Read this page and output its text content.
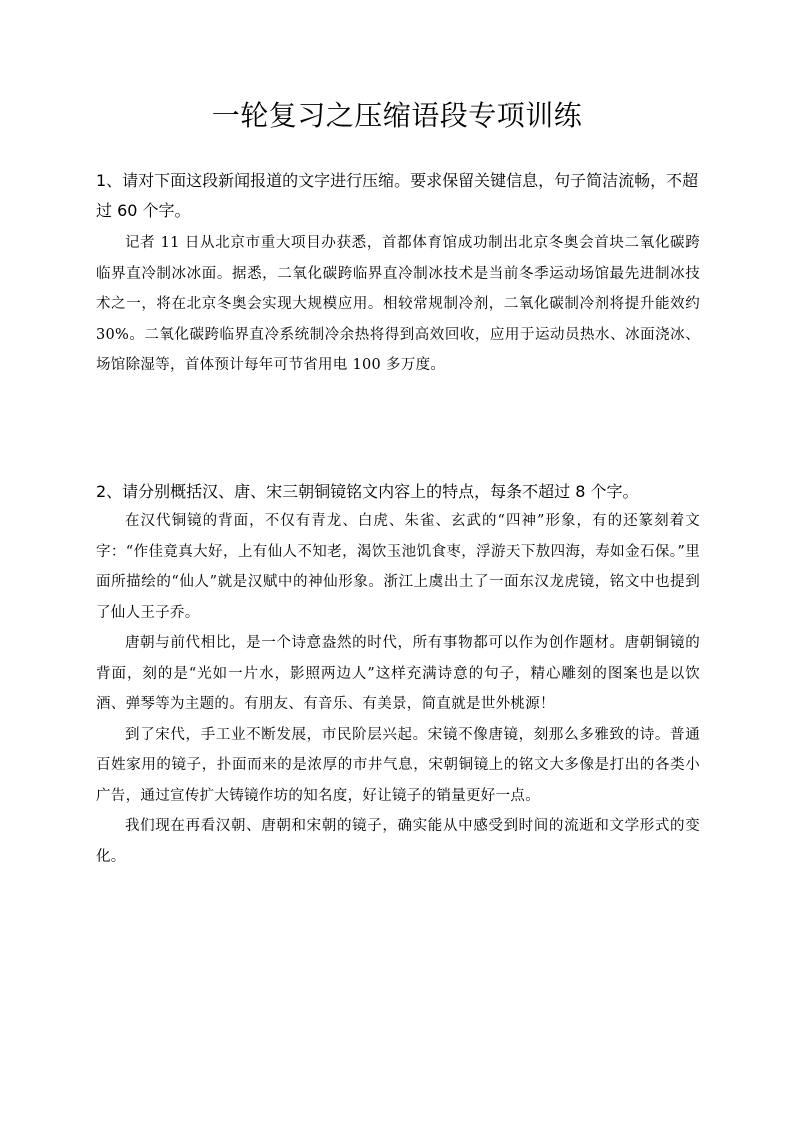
一轮复习之压缩语段专项训练
1、请对下面这段新闻报道的文字进行压缩。要求保留关键信息，句子简洁流畅，不超过 60 个字。

记者 11 日从北京市重大项目办获悉，首都体育馆成功制出北京冬奥会首块二氧化碳跨临界直冷制冰冰面。据悉，二氧化碳跨临界直冷制冰技术是当前冬季运动场馆最先进制冰技术之一，将在北京冬奥会实现大规模应用。相较常规制冷剂，二氧化碳制冷剂将提升能效约 30%。二氧化碳跨临界直冷系统制冷余热将得到高效回收，应用于运动员热水、冰面浇冰、场馆除湿等，首体预计每年可节省用电 100 多万度。

2、请分别概括汉、唐、宋三朝铜镜铭文内容上的特点，每条不超过 8 个字。

在汉代铜镜的背面，不仅有青龙、白虎、朱雀、玄武的“四神”形象，有的还篆刻着文字：“作佳竟真大好，上有仙人不知老，渴饮玉池饥食枣，浮游天下敖四海，寿如金石保。”里面所描绘的“仙人”就是汉赋中的神仙形象。浙江上虞出土了一面东汉龙虎镜，铭文中也提到了仙人王子乔。

唐朝与前代相比，是一个诗意盎然的时代，所有事物都可以作为创作题材。唐朝铜镜的背面，刻的是“光如一片水，影照两边人”这样充满诗意的句子，精心雕刻的图案也是以饮酒、弹琴等为主题的。有朋友、有音乐、有美景，简直就是世外桃源！

到了宋代，手工业不断发展，市民阶层兴起。宋镜不像唐镜，刻那么多雅致的诗。普通百姓家用的镜子，扑面而来的是浓厚的市井气息，宋朝铜镜上的铭文大多像是打出的各类小广告，通过宣传扩大铸镜作坊的知名度，好让镜子的销量更好一点。

我们现在再看汉朝、唐朝和宋朝的镜子，确实能从中感受到时间的流逝和文学形式的变化。
